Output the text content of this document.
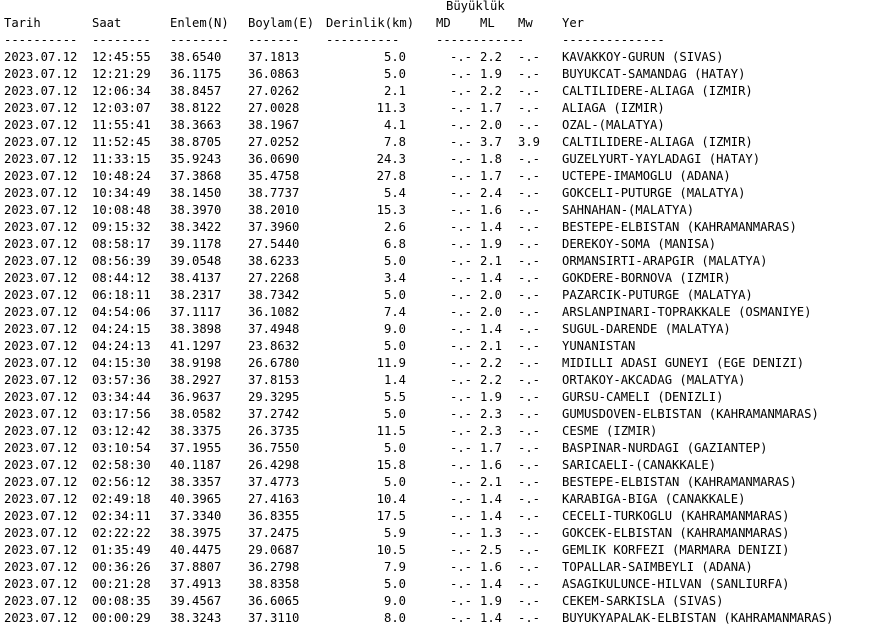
Büyüklük
Tarih	Saat	Enlem(N) Boylam(E) Derinlik(km) MD ML Mw Yer
---------- -------- -------- ------- ----------	------------	--------------
2023.07.12 12:45:55 38.6540 37.1813	5.0	-.- 2.2 -.- KAVAKKOY-GURUN (SIVAS)
2023.07.12 12:21:29 36.1175 36.0863	5.0	-.- 1.9 -.- BUYUKCAT-SAMANDAG (HATAY)
2023.07.12 12:06:34 38.8457 27.0262	2.1	-.- 2.2 -.- CALTILIDERE-ALIAGA (IZMIR)
2023.07.12 12:03:07 38.8122 27.0028	11.3	-.- 1.7 -.- ALIAGA (IZMIR)
2023.07.12 11:55:41 38.3663 38.1967	4.1	-.- 2.0 -.- OZAL-(MALATYA)
2023.07.12 11:52:45 38.8705 27.0252	7.8	-.- 3.7 3.9 CALTILIDERE-ALIAGA (IZMIR)
2023.07.12 11:33:15 35.9243 36.0690	24.3	-.- 1.8 -.- GUZELYURT-YAYLADAGI (HATAY)
2023.07.12 10:48:24 37.3868 35.4758	27.8	-.- 1.7 -.- UCTEPE-IMAMOGLU (ADANA)
2023.07.12 10:34:49 38.1450 38.7737	5.4	-.- 2.4 -.- GOKCELI-PUTURGE (MALATYA)
2023.07.12 10:08:48 38.3970 38.2010	15.3	-.- 1.6 -.- SAHNAHAN-(MALATYA)
2023.07.12 09:15:32 38.3422 37.3960	2.6	-.- 1.4 -.- BESTEPE-ELBISTAN (KAHRAMANMARAS)
2023.07.12 08:58:17 39.1178 27.5440	6.8	-.- 1.9 -.- DEREKOY-SOMA (MANISA)
2023.07.12 08:56:39 39.0548 38.6233	5.0	-.- 2.1 -.- ORMANSIRTI-ARAPGIR (MALATYA)
2023.07.12 08:44:12 38.4137 27.2268	3.4	-.- 1.4 -.- GOKDERE-BORNOVA (IZMIR)
2023.07.12 06:18:11 38.2317 38.7342	5.0	-.- 2.0 -.- PAZARCIK-PUTURGE (MALATYA)
2023.07.12 04:54:06 37.1117 36.1082	7.4	-.- 2.0 -.- ARSLANPINARI-TOPRAKKALE (OSMANIYE)
2023.07.12 04:24:15 38.3898 37.4948	9.0	-.- 1.4 -.- SUGUL-DARENDE (MALATYA)
2023.07.12 04:24:13 41.1297 23.8632	5.0	-.- 2.1 -.- YUNANISTAN
2023.07.12 04:15:30 38.9198 26.6780	11.9	-.- 2.2 -.- MIDILLI ADASI GUNEYI (EGE DENIZI)
2023.07.12 03:57:36 38.2927 37.8153	1.4	-.- 2.2 -.- ORTAKOY-AKCADAG (MALATYA)
2023.07.12 03:34:44 36.9637 29.3295	5.5	-.- 1.9 -.- GURSU-CAMELI (DENIZLI)
2023.07.12 03:17:56 38.0582 37.2742	5.0	-.- 2.3 -.- GUMUSDOVEN-ELBISTAN (KAHRAMANMARAS)
2023.07.12 03:12:42 38.3375 26.3735	11.5	-.- 2.3 -.- CESME (IZMIR)
2023.07.12 03:10:54 37.1955 36.7550	5.0	-.- 1.7 -.- BASPINAR-NURDAGI (GAZIANTEP)
2023.07.12 02:58:30 40.1187 26.4298	15.8	-.- 1.6 -.- SARICAELI-(CANAKKALE)
2023.07.12 02:56:12 38.3357 37.4773	5.0	-.- 2.1 -.- BESTEPE-ELBISTAN (KAHRAMANMARAS)
2023.07.12 02:49:18 40.3965 27.4163	10.4	-.- 1.4 -.- KARABIGA-BIGA (CANAKKALE)
2023.07.12 02:34:11 37.3340 36.8355	17.5	-.- 1.4 -.- CECELI-TURKOGLU (KAHRAMANMARAS)
2023.07.12 02:22:22 38.3975 37.2475	5.9	-.- 1.3 -.- GOKCEK-ELBISTAN (KAHRAMANMARAS)
2023.07.12 01:35:49 40.4475 29.0687	10.5	-.- 2.5 -.- GEMLIK KORFEZI (MARMARA DENIZI)
2023.07.12 00:36:26 37.8807 36.2798	7.9	-.- 1.6 -.- TOPALLAR-SAIMBEYLI (ADANA)
2023.07.12 00:21:28 37.4913 38.8358	5.0	-.- 1.4 -.- ASAGIKULUNCE-HILVAN (SANLIURFA)
2023.07.12 00:08:35 39.4567 36.6065	9.0	-.- 1.9 -.- CEKEM-SARKISLA (SIVAS)
2023.07.12 00:00:29 38.3243 37.3110	8.0	-.- 1.4 -.- BUYUKYAPALAK-ELBISTAN (KAHRAMANMARAS)
